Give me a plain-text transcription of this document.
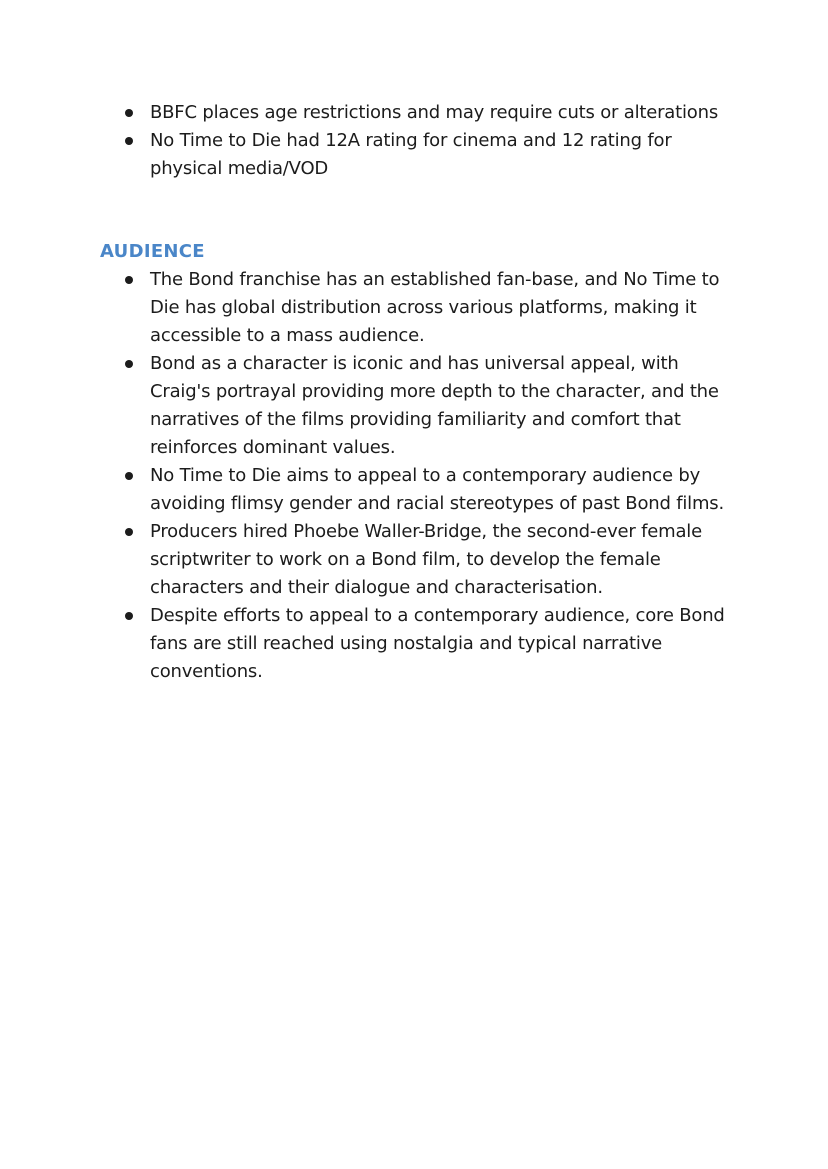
BBFC places age restrictions and may require cuts or alterations
No Time to Die had 12A rating for cinema and 12 rating for physical media/VOD
AUDIENCE
The Bond franchise has an established fan-base, and No Time to Die has global distribution across various platforms, making it accessible to a mass audience.
Bond as a character is iconic and has universal appeal, with Craig's portrayal providing more depth to the character, and the narratives of the films providing familiarity and comfort that reinforces dominant values.
No Time to Die aims to appeal to a contemporary audience by avoiding flimsy gender and racial stereotypes of past Bond films.
Producers hired Phoebe Waller-Bridge, the second-ever female scriptwriter to work on a Bond film, to develop the female characters and their dialogue and characterisation.
Despite efforts to appeal to a contemporary audience, core Bond fans are still reached using nostalgia and typical narrative conventions.
